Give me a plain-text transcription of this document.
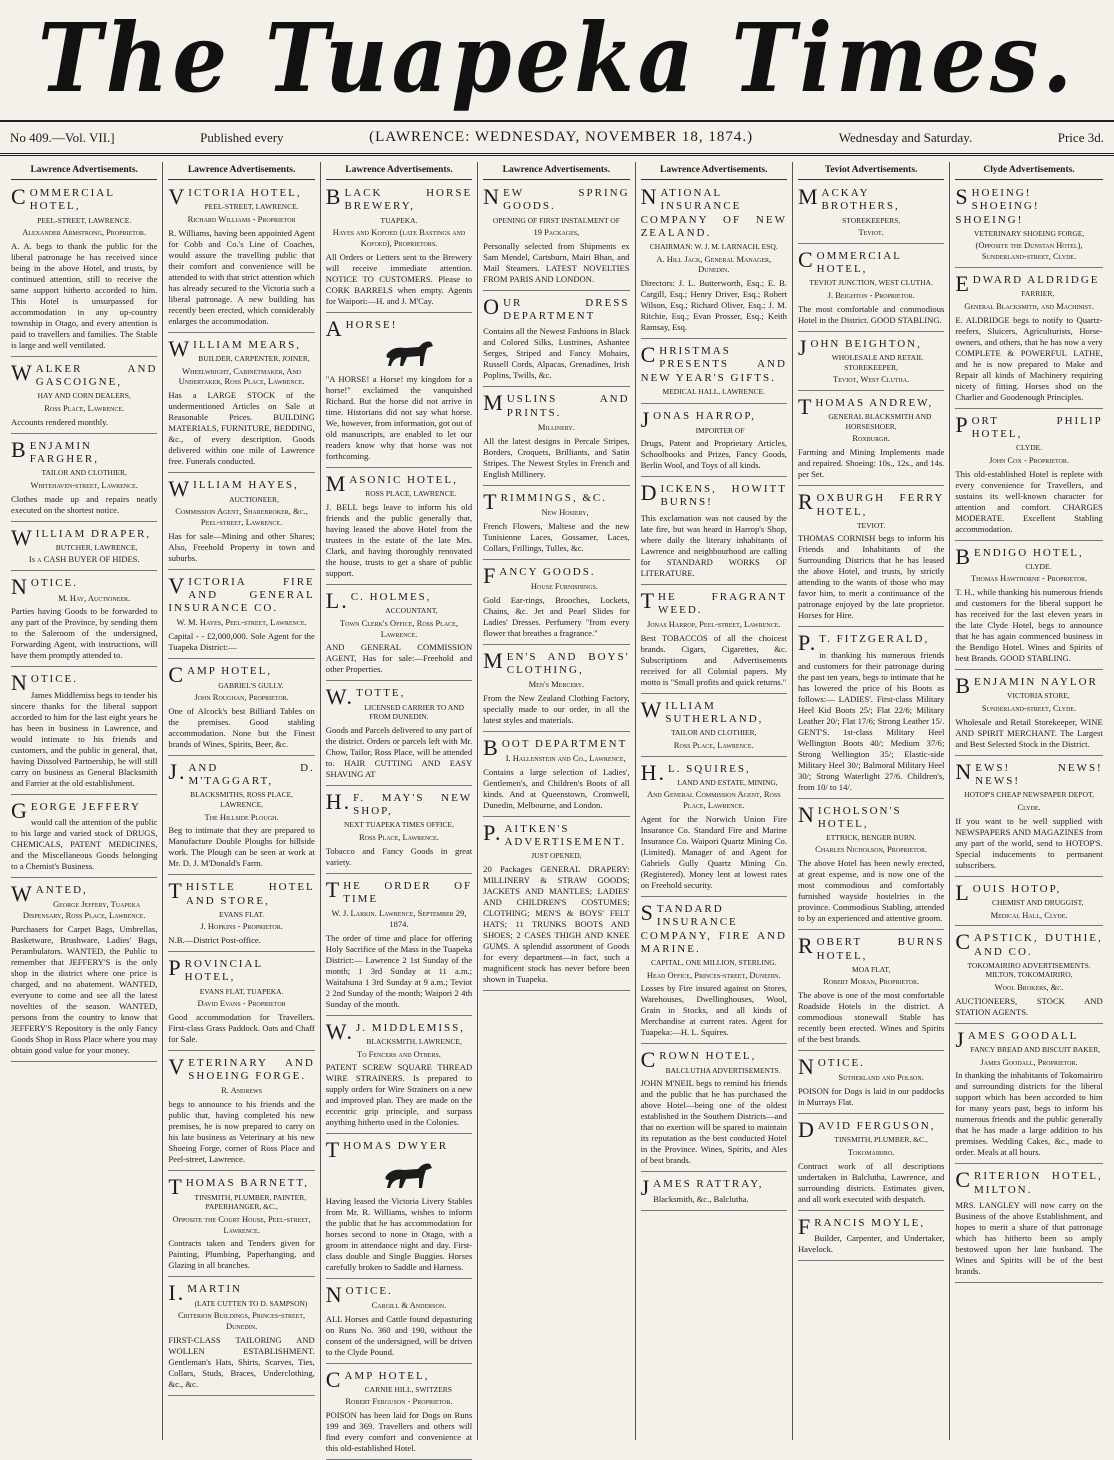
The Tuapeka Times.
No 409.—Vol. VII.]	Published every	(LAWRENCE: WEDNESDAY, NOVEMBER 18, 1874.)	Wednesday and Saturday.	Price 3d.
Lawrence Advertisements.
COMMERCIAL HOTEL,
PEEL-STREET, LAWRENCE.
Alexander Armstrong, Proprietor.
A. A. begs to thank the public for the liberal patronage he has received since being in the above Hotel, and trusts, by continued attention, still to receive the same support hitherto accorded to him. This Hotel is unsurpassed for accommodation in any up-country township in Otago, and every attention is paid to travellers and families. The Stable is large and well ventilated.
WALKER AND GASCOIGNE,
HAY AND CORN DEALERS,
Ross Place, Lawrence.
Accounts rendered monthly.
BENJAMIN FARGHER,
TAILOR AND CLOTHIER,
Whitehaven-street, Lawrence.
Clothes made up and repairs neatly executed on the shortest notice.
WILLIAM DRAPER,
BUTCHER, LAWRENCE,
Is a CASH BUYER OF HIDES.
NOTICE.
M. Hay, Auctioneer.
Parties having Goods to be forwarded to any part of the Province, by sending them to the Saleroom of the undersigned, Forwarding Agent, with instructions, will have them promptly attended to.
NOTICE.
James Middlemiss begs to tender his sincere thanks for the liberal support accorded to him for the last eight years he has been in business in Lawrence, and would intimate to his friends and customers, and the public in general, that, having Dissolved Partnership, he will still carry on business as General Blacksmith and Farrier at the old establishment.
GEORGE JEFFERY
would call the attention of the public to his large and varied stock of DRUGS, CHEMICALS, PATENT MEDICINES, and the Miscellaneous Goods belonging to a Chemist's Business.
WANTED,
George Jeffery, Tuapeka Dispensary, Ross Place, Lawrence.
Purchasers for Carpet Bags, Umbrellas, Basketware, Brushware, Ladies' Bags, Perambulators. WANTED, the Public to remember that JEFFERY'S is the only shop in the district where one price is charged, and no abatement. WANTED, everyone to come and see all the latest novelties of the season. WANTED, persons from the country to know that JEFFERY'S Repository is the only Fancy Goods Shop in Ross Place where you may obtain good value for your money.
Lawrence Advertisements.
VICTORIA HOTEL,
PEEL-STREET, LAWRENCE.
Richard Williams - Proprietor
R. Williams, having been appointed Agent for Cobb and Co.'s Line of Coaches, would assure the travelling public that their comfort and convenience will be attended to with that strict attention which has already secured to the Victoria such a liberal patronage. A new building has recently been erected, which considerably enlarges the accommodation.
WILLIAM MEARS,
BUILDER, CARPENTER, JOINER,
Wheelwright, Cabinetmaker, And Undertaker, Ross Place, Lawrence.
Has a LARGE STOCK of the undermentioned Articles on Sale at Reasonable Prices. BUILDING MATERIALS, FURNITURE, BEDDING, &c., of every description. Goods delivered within one mile of Lawrence free. Funerals conducted.
WILLIAM HAYES,
AUCTIONEER,
Commission Agent, Sharebroker, &c., Peel-street, Lawrence.
Has for sale—Mining and other Shares; Also, Freehold Property in town and suburbs.
VICTORIA FIRE AND GENERAL INSURANCE CO.
W. M. Hayes, Peel-street, Lawrence.
Capital - - £2,000,000. Sole Agent for the Tuapeka District:—
CAMP HOTEL,
GABRIEL'S GULLY.
John Roughan, Proprietor.
One of Alcock's best Billiard Tables on the premises. Good stabling accommodation. None but the Finest brands of Wines, Spirits, Beer, &c.
J.AND D. M'TAGGART,
BLACKSMITHS, ROSS PLACE, LAWRENCE,
The Hillside Plough.
Beg to intimate that they are prepared to Manufacture Double Ploughs for hillside work. The Plough can be seen at work at Mr. D. J. M'Donald's Farm.
THISTLE HOTEL AND STORE,
EVANS FLAT.
J. Hopkins - Proprietor.
N.B.—District Post-office.
PROVINCIAL HOTEL,
EVANS FLAT, TUAPEKA.
David Evans - Proprietor
Good accommodation for Travellers. First-class Grass Paddock. Oats and Chaff for Sale.
VETERINARY AND SHOEING FORGE.
R. Andrews
begs to announce to his friends and the public that, having completed his new premises, he is now prepared to carry on his late business as Veterinary at his new Shoeing Forge, corner of Ross Place and Peel-street, Lawrence.
THOMAS BARNETT,
TINSMITH, PLUMBER, PAINTER, PAPERHANGER, &C.,
Opposite the Court House, Peel-street, Lawrence.
Contracts taken and Tenders given for Painting, Plumbing, Paperhanging, and Glazing in all branches.
I.MARTIN
(LATE CUTTEN TO D. SAMPSON)
Criterion Buildings, Princes-street, Dunedin.
FIRST-CLASS TAILORING AND WOLLEN ESTABLISHMENT. Gentleman's Hats, Shirts, Scarves, Ties, Collars, Studs, Braces, Underclothing, &c., &c.
Lawrence Advertisements.
BLACK HORSE BREWERY,
TUAPEKA.
Hayes and Kofoed (late Bastings and Kofoed), Proprietors.
All Orders or Letters sent to the Brewery will receive immediate attention. NOTICE TO CUSTOMERS. Please to CORK BARRELS when empty. Agents for Waipori:—H. and J. M'Cay.
AHORSE!
"A HORSE! a Horse! my kingdom for a horse!" exclaimed the vanquished Richard. But the horse did not arrive in time. Historians did not say what horse. We, however, from information, got out of old manuscripts, are enabled to let our readers know why that horse was not forthcoming.
MASONIC HOTEL,
ROSS PLACE, LAWRENCE.
J. BELL begs leave to inform his old friends and the public generally that, having leased the above Hotel from the trustees in the estate of the late Mrs. Clark, and having thoroughly renovated the house, trusts to get a share of public support.
L.C. HOLMES,
ACCOUNTANT,
Town Clerk's Office, Ross Place, Lawrence.
AND GENERAL COMMISSION AGENT, Has for sale:—Freehold and other Properties.
W.TOTTE,
LICENSED CARRIER TO AND FROM DUNEDIN.
Goods and Parcels delivered to any part of the district. Orders or parcels left with Mr. Chow, Tailor, Ross Place, will be attended to. HAIR CUTTING AND EASY SHAVING AT
H.F. MAY'S NEW SHOP,
NEXT TUAPEKA TIMES OFFICE,
Ross Place, Lawrence.
Tobacco and Fancy Goods in great variety.
THE ORDER OF TIME
W. J. Larkin. Lawrence, September 29, 1874.
The order of time and place for offering Holy Sacrifice of the Mass in the Tuapeka District:— Lawrence 2 1st Sunday of the month; 1 3rd Sunday at 11 a.m.; Waitahuna 1 3rd Sunday at 9 a.m.; Teviot 2 2nd Sunday of the month; Waipori 2 4th Sunday of the month.
W.J. MIDDLEMISS,
BLACKSMITH, LAWRENCE,
To Fencers and Others.
PATENT SCREW SQUARE THREAD WIRE STRAINERS. Is prepared to supply orders for Wire Strainers on a new and improved plan. They are made on the eccentric grip principle, and surpass anything hitherto used in the Colonies.
THOMAS DWYER
Having leased the Victoria Livery Stables from Mr. R. Williams, wishes to inform the public that he has accommodation for horses second to none in Otago, with a groom in attendance night and day. First-class double and Single Buggies. Horses carefully broken to Saddle and Harness.
NOTICE.
Cargill & Anderson.
ALL Horses and Cattle found depasturing on Runs No. 360 and 190, without the consent of the undersigned, will be driven to the Clyde Pound.
CAMP HOTEL,
CARNIE HILL, SWITZERS
Robert Ferguson - Proprietor.
POISON has been laid for Dogs on Runs 199 and 369. Travellers and others will find every comfort and convenience at this old-established Hotel.
Lawrence Advertisements.
NEW SPRING GOODS.
OPENING OF FIRST INSTALMENT OF
19 Packages,
Personally selected from Shipments ex Sam Mendel, Cartsburn, Mairi Bhan, and Mail Steamers. LATEST NOVELTIES FROM PARIS AND LONDON.
OUR DRESS DEPARTMENT
Contains all the Newest Fashions in Black and Colored Silks, Lustrines, Ashantee Serges, Striped and Fancy Mohairs, Russell Cords, Alpacas, Grenadines, Irish Poplins, Twills, &c.
MUSLINS AND PRINTS.
Millinery.
All the latest designs in Percale Stripes, Borders, Croquets, Brilliants, and Satin Stripes. The Newest Styles in French and English Millinery.
TRIMMINGS, &C.
New Hosiery,
French Flowers, Maltese and the new Tunisienne Laces, Gossamer, Laces, Collars, Frillings, Tulles, &c.
FANCY GOODS.
House Furnishings.
Gold Ear-rings, Brooches, Lockets, Chains, &c. Jet and Pearl Slides for Ladies' Dresses. Perfumery "from every flower that breathes a fragrance."
MEN'S AND BOYS' CLOTHING,
Men's Mercery.
From the New Zealand Clothing Factory, specially made to our order, in all the latest styles and materials.
BOOT DEPARTMENT
I. Hallenstein and Co., Lawrence,
Contains a large selection of Ladies', Gentlemen's, and Children's Boots of all kinds. And at Queenstown, Cromwell, Dunedin, Melbourne, and London.
P.AITKEN'S ADVERTISEMENT.
JUST OPENED,
20 Packages GENERAL DRAPERY: MILLINERY & STRAW GOODS; JACKETS AND MANTLES; LADIES' AND CHILDREN'S COSTUMES; CLOTHING; MEN'S & BOYS' FELT HATS; 11 TRUNKS BOOTS AND SHOES; 2 CASES THIGH AND KNEE GUMS. A splendid assortment of Goods for every department—in fact, such a magnificent stock has never before been shown in Tuapeka.
Lawrence Advertisements.
NATIONAL INSURANCE COMPANY OF NEW ZEALAND.
CHAIRMAN: W. J. M. LARNACH, ESQ.
A. Hill Jack, General Manager, Dunedin.
Directors: J. L. Butterworth, Esq.; E. B. Cargill, Esq.; Henry Driver, Esq.; Robert Wilson, Esq.; Richard Oliver, Esq.; J. M. Ritchie, Esq.; Evan Prosser, Esq.; Keith Ramsay, Esq.
CHRISTMAS PRESENTS AND NEW YEAR'S GIFTS.
MEDICAL HALL, LAWRENCE.
JONAS HARROP,
IMPORTER OF
Drugs, Patent and Proprietary Articles, Schoolbooks and Prizes, Fancy Goods, Berlin Wool, and Toys of all kinds.
DICKENS, HOWITT BURNS!
This exclamation was not caused by the late fire, but was heard in Harrop's Shop, where daily the literary inhabitants of Lawrence and neighbourhood are calling for STANDARD WORKS OF LITERATURE.
THE FRAGRANT WEED.
Jonas Harrop, Peel-street, Lawrence.
Best TOBACCOS of all the choicest brands. Cigars, Cigarettes, &c. Subscriptions and Advertisements received for all Colonial papers. My motto is "Small profits and quick returns."
WILLIAM SUTHERLAND,
TAILOR AND CLOTHIER,
Ross Place, Lawrence.
H.L. SQUIRES,
LAND AND ESTATE, MINING,
And General Commission Agent, Ross Place, Lawrence.
Agent for the Norwich Union Fire Insurance Co. Standard Fire and Marine Insurance Co. Waipori Quartz Mining Co. (Limited). Manager of and Agent for Gabriels Gully Quartz Mining Co. (Registered). Money lent at lowest rates on Freehold security.
STANDARD INSURANCE COMPANY, FIRE AND MARINE.
CAPITAL, ONE MILLION, STERLING.
Head Office, Princes-street, Dunedin.
Losses by Fire insured against on Stores, Warehouses, Dwellinghouses, Wool, Grain in Stocks, and all kinds of Merchandise at current rates. Agent for Tuapeka:—H. L. Squires.
CROWN HOTEL,
BALCLUTHA ADVERTISEMENTS.
JOHN M'NEIL begs to remind his friends and the public that he has purchased the above Hotel—being one of the oldest established in the Southern Districts—and that no exertion will be spared to maintain its reputation as the best conducted Hotel in the Province. Wines, Spirits, and Ales of best brands.
JAMES RATTRAY,
Blacksmith, &c., Balclutha.
Teviot Advertisements.
MACKAY BROTHERS,
STOREKEEPERS,
Teviot.
COMMERCIAL HOTEL,
TEVIOT JUNCTION, WEST CLUTHA.
J. Beighton - Proprietor.
The most comfortable and commodious Hotel in the District. GOOD STABLING.
JOHN BEIGHTON,
WHOLESALE AND RETAIL STOREKEEPER,
Teviot, West Clutha.
THOMAS ANDREW,
GENERAL BLACKSMITH AND HORSESHOER,
Roxburgh.
Farming and Mining Implements made and repaired. Shoeing: 10s., 12s., and 14s. per Set.
ROXBURGH FERRY HOTEL,
TEVIOT.
THOMAS CORNISH begs to inform his Friends and Inhabitants of the Surrounding Districts that he has leased the above Hotel, and trusts, by strictly attending to the wants of those who may favor him, to merit a continuance of the patronage enjoyed by the late proprietor. Horses for Hire.
P.T. FITZGERALD,
in thanking his numerous friends and customers for their patronage during the past ten years, begs to intimate that he has lowered the price of his Boots as follows:— LADIES'. First-class Military Heel Kid Boots 25/; Flat 22/6; Military Leather 20/; Flat 17/6; Strong Leather 15/. GENT'S. 1st-class Military Heel Wellington Boots 40/; Medium 37/6; Strong Wellington 35/; Elastic-side Military Heel 30/; Balmoral Military Heel 30/; Strong Waterlight 27/6. Children's, from 10/ to 14/.
NICHOLSON'S HOTEL,
ETTRICK, BENGER BURN.
Charles Nicholson, Proprietor.
The above Hotel has been newly erected, at great expense, and is now one of the most commodious and comfortably furnished wayside hostelries in the province. Commodious Stabling, attended to by an experienced and attentive groom.
ROBERT BURNS HOTEL,
MOA FLAT,
Robert Moran, Proprietor.
The above is one of the most comfortable Roadside Hotels in the district. A commodious stonewall Stable has recently been erected. Wines and Spirits of the best brands.
NOTICE.
Sutherland and Polson.
POISON for Dogs is laid in our paddocks in Murrays Flat.
DAVID FERGUSON,
TINSMITH, PLUMBER, &C.,
Tokomairiro.
Contract work of all descriptions undertaken in Balclutha, Lawrence, and surrounding districts. Estimates given, and all work executed with despatch.
FRANCIS MOYLE,
Builder, Carpenter, and Undertaker, Havelock.
Clyde Advertisements.
SHOEING! SHOEING! SHOEING!
VETERINARY SHOEING FORGE,
(Opposite the Dunstan Hotel), Sunderland-street, Clyde.
EDWARD ALDRIDGE
FARRIER,
General Blacksmith, and Machinist.
E. ALDRIDGE begs to notify to Quartz-reefers, Sluicers, Agriculturists, Horse-owners, and others, that he has now a very COMPLETE & POWERFUL LATHE, and he is now prepared to Make and Repair all kinds of Machinery requiring nicety of fitting. Horses shod on the Charlier and Goodenough Principles.
PORT PHILIP HOTEL,
CLYDE.
John Cox - Proprietor.
This old-established Hotel is replete with every convenience for Travellers, and sustains its well-known character for attention and comfort. CHARGES MODERATE. Excellent Stabling accommodation.
BENDIGO HOTEL,
CLYDE.
Thomas Hawthorne - Proprietor.
T. H., while thanking his numerous friends and customers for the liberal support he has received for the last eleven years in the late Clyde Hotel, begs to announce that he has again commenced business in the Bendigo Hotel. Wines and Spirits of best Brands. GOOD STABLING.
BENJAMIN NAYLOR
VICTORIA STORE,
Sunderland-street, Clyde.
Wholesale and Retail Storekeeper, WINE AND SPIRIT MERCHANT. The Largest and Best Selected Stock in the District.
NEWS! NEWS! NEWS!
HOTOP'S CHEAP NEWSPAPER DEPOT,
Clyde.
If you want to be well supplied with NEWSPAPERS AND MAGAZINES from any part of the world, send to HOTOP'S. Special inducements to permanent subscribers.
LOUIS HOTOP,
CHEMIST AND DRUGGIST,
Medical Hall, Clyde.
CAPSTICK, DUTHIE, AND CO.
TOKOMAIRIRO ADVERTISEMENTS. MILTON, TOKOMAIRIRO,
Wool Brokers, &c.
AUCTIONEERS, STOCK AND STATION AGENTS.
JAMES GOODALL
FANCY BREAD AND BISCUIT BAKER,
James Goodall, Proprietor.
In thanking the inhabitants of Tokomairiro and surrounding districts for the liberal support which has been accorded to him for many years past, begs to inform his numerous friends and the public generally that he has made a large addition to his premises. Wedding Cakes, &c., made to order. Meals at all hours.
CRITERION HOTEL, MILTON.
MRS. LANGLEY will now carry on the Business of the above Establishment, and hopes to merit a share of that patronage which has hitherto been so amply bestowed upon her late husband. The Wines and Spirits will be of the best brands.
